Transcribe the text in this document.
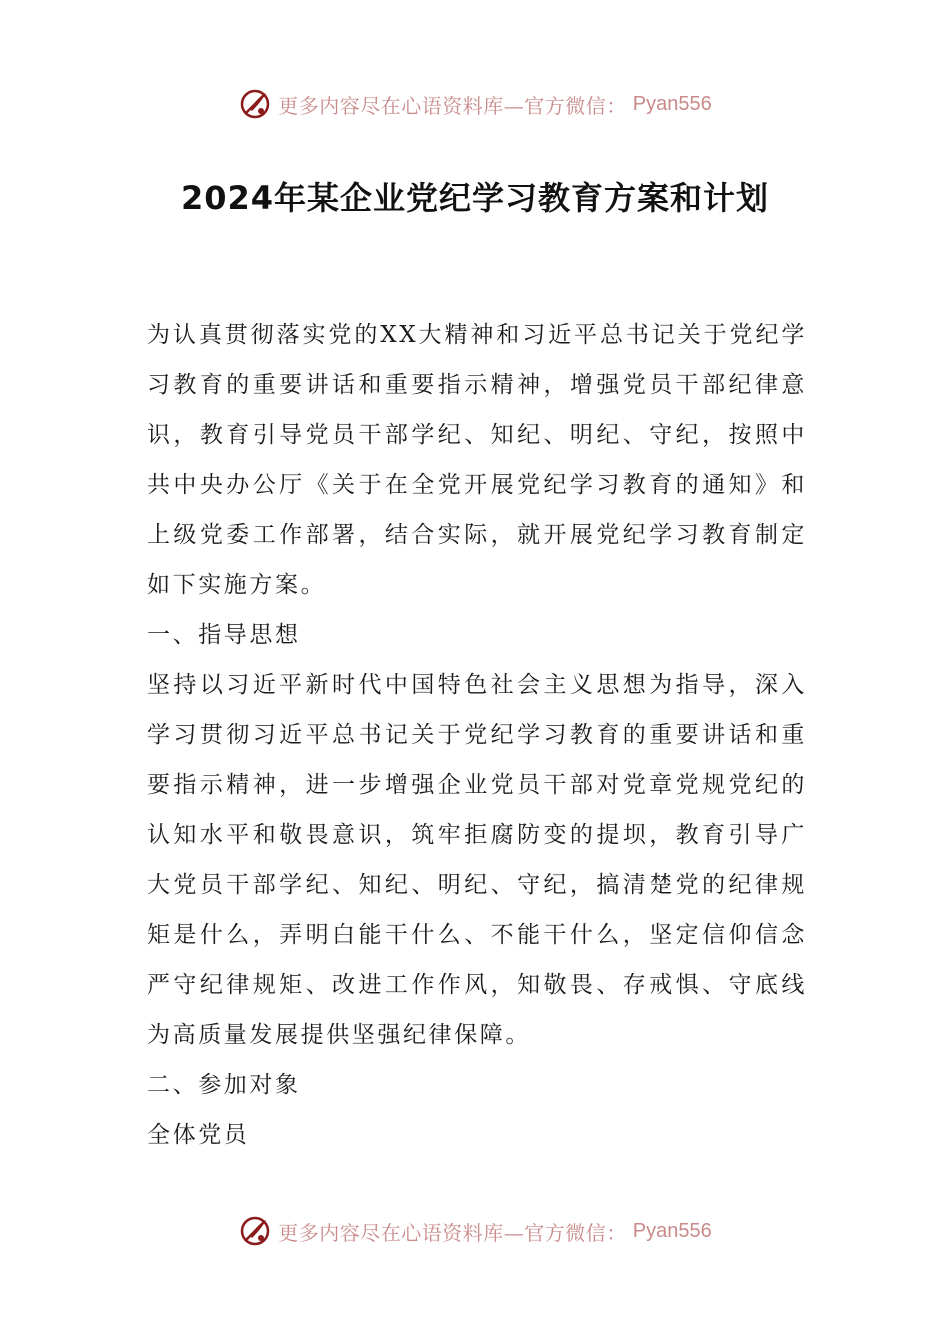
更多内容尽在心语资料库—官方微信： Pyan556
2024年某企业党纪学习教育方案和计划

为认真贯彻落实党的XX大精神和习近平总书记关于党纪学习教育的重要讲话和重要指示精神，增强党员干部纪律意识，教育引导党员干部学纪、知纪、明纪、守纪，按照中共中央办公厅《关于在全党开展党纪学习教育的通知》和上级党委工作部署，结合实际，就开展党纪学习教育制定如下实施方案。

一、指导思想

坚持以习近平新时代中国特色社会主义思想为指导，深入学习贯彻习近平总书记关于党纪学习教育的重要讲话和重要指示精神，进一步增强企业党员干部对党章党规党纪的认知水平和敬畏意识，筑牢拒腐防变的提坝，教育引导广大党员干部学纪、知纪、明纪、守纪，搞清楚党的纪律规矩是什么，弄明白能干什么、不能干什么，坚定信仰信念严守纪律规矩、改进工作作风，知敬畏、存戒惧、守底线为高质量发展提供坚强纪律保障。

二、参加对象

全体党员

更多内容尽在心语资料库—官方微信： Pyan556
